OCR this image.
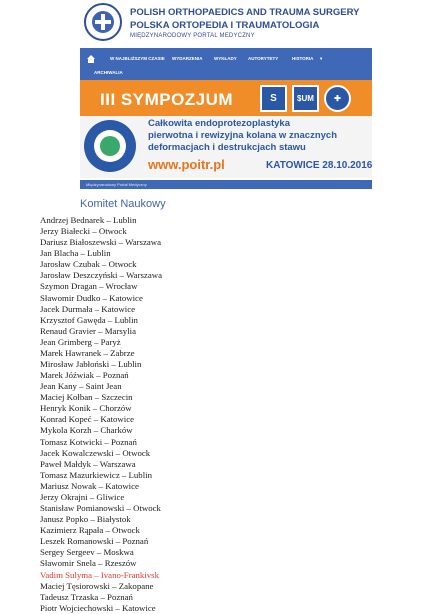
POLISH ORTHOPAEDICS AND TRAUMA SURGERY
POLSKA ORTOPEDIA I TRAUMATOLOGIA
MIĘDZYNARODOWY PORTAL MEDYCZNY
W NAJBLIŻSZYM CZASIE WYDARZENIA	WYKŁADY	AUTORYTETY	HISTORIA ▾
ARCHIWALIA
III SYMPOZJUM	S	$UM	✚
Całkowita endoprotezoplastyka
pierwotna i rewizyjna kolana w znacznych
deformacjach i destrukcjach stawu
www.poitr.pl	KATOWICE 28.10.2016
Międzynarodowy Portal Medyczny
Komitet Naukowy
Andrzej Bednarek – Lublin
Jerzy Białecki – Otwock
Dariusz Białoszewski – Warszawa
Jan Blacha – Lublin
Jarosław Czubak – Otwock
Jarosław Deszczyński – Warszawa
Szymon Dragan – Wrocław
Sławomir Dudko – Katowice
Jacek Durmała – Katowice
Krzysztof Gawęda – Lublin
Renaud Gravier – Marsylia
Jean Grimberg – Paryż
Marek Hawranek – Zabrze
Mirosław Jabłoński – Lublin
Marek Jóźwiak – Poznań
Jean Kany – Saint Jean
Maciej Kołban – Szczecin
Henryk Konik – Chorzów
Konrad Kopeć – Katowice
Mykola Korzh – Charków
Tomasz Kotwicki – Poznań
Jacek Kowalczewski – Otwock
Paweł Małdyk – Warszawa
Tomasz Mazurkiewicz – Lublin
Mariusz Nowak – Katowice
Jerzy Okrajni – Gliwice
Stanisław Pomianowski – Otwock
Janusz Popko – Białystok
Kazimierz Rąpała – Otwock
Leszek Romanowski – Poznań
Sergey Sergeev – Moskwa
Sławomir Snela – Rzeszów
Vadim Sulyma – Ivano-Frankivsk
Maciej Tęsiorowski – Zakopane
Tadeusz Trzaska – Poznań
Piotr Wojciechowski – Katowice
